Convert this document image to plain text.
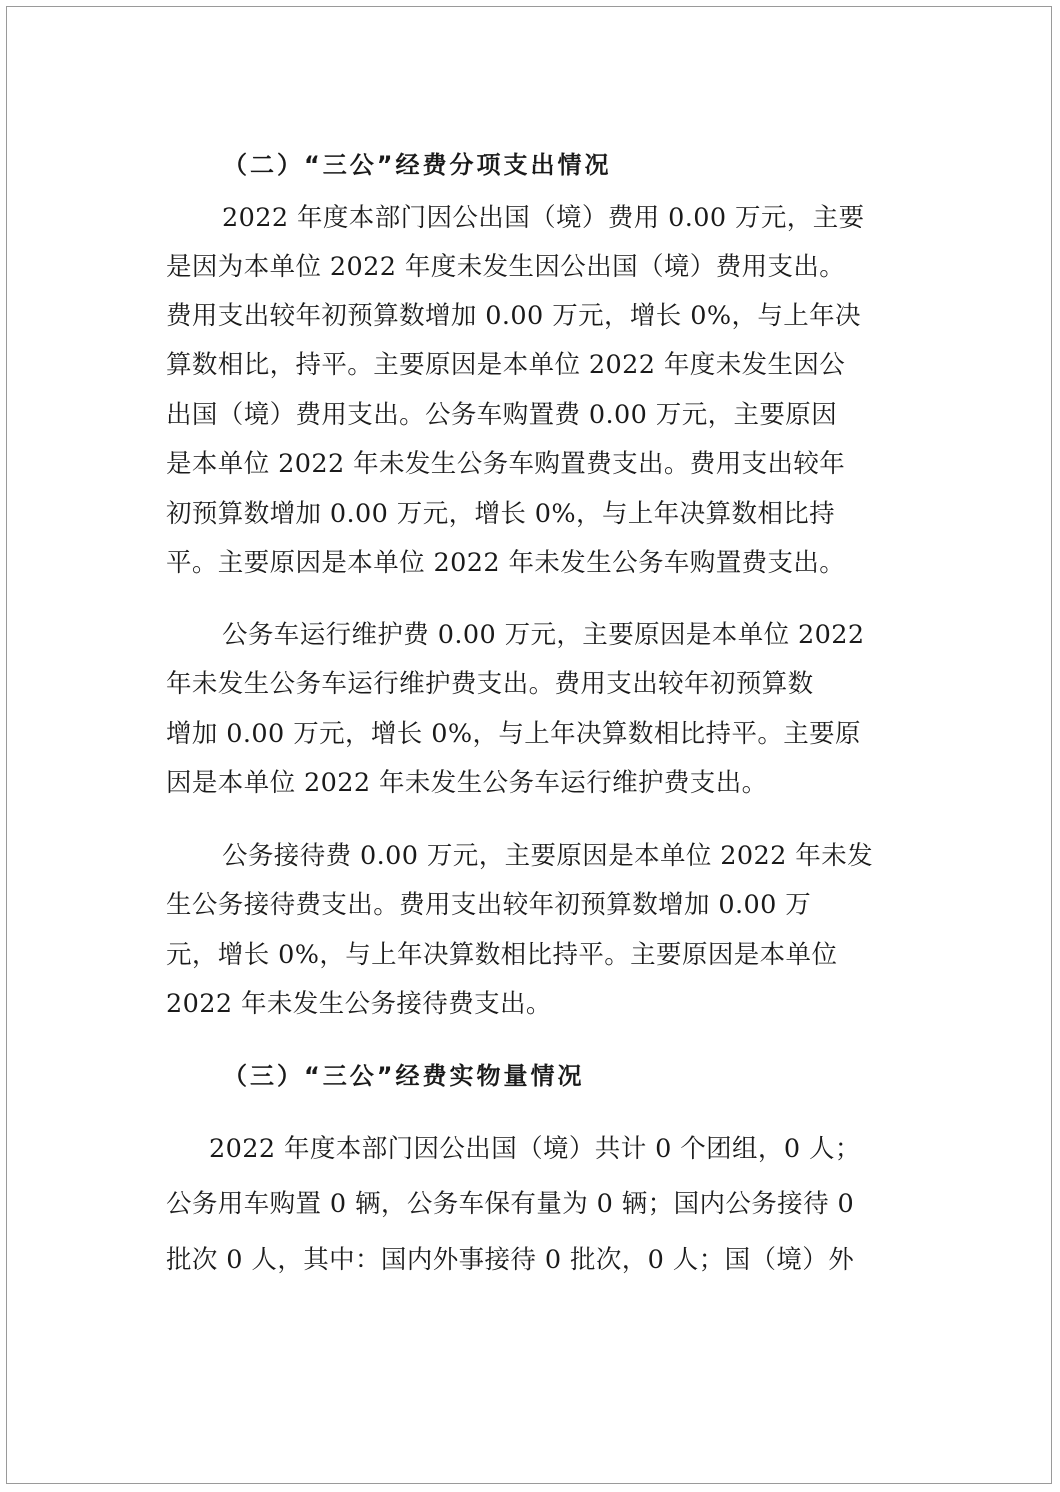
（二）“三公”经费分项支出情况
2022 年度本部门因公出国（境）费用 0.00 万元，主要
是因为本单位 2022 年度未发生因公出国（境）费用支出。
费用支出较年初预算数增加 0.00 万元，增长 0%，与上年决
算数相比，持平。主要原因是本单位 2022 年度未发生因公
出国（境）费用支出。公务车购置费 0.00 万元，主要原因
是本单位 2022 年未发生公务车购置费支出。费用支出较年
初预算数增加 0.00 万元，增长 0%，与上年决算数相比持
平。主要原因是本单位 2022 年未发生公务车购置费支出。
公务车运行维护费 0.00 万元，主要原因是本单位 2022
年未发生公务车运行维护费支出。费用支出较年初预算数
增加 0.00 万元，增长 0%，与上年决算数相比持平。主要原
因是本单位 2022 年未发生公务车运行维护费支出。
公务接待费 0.00 万元，主要原因是本单位 2022 年未发
生公务接待费支出。费用支出较年初预算数增加 0.00 万
元，增长 0%，与上年决算数相比持平。主要原因是本单位
2022 年未发生公务接待费支出。
（三）“三公”经费实物量情况
2022 年度本部门因公出国（境）共计 0 个团组，0 人；
公务用车购置 0 辆，公务车保有量为 0 辆；国内公务接待 0
批次 0 人，其中：国内外事接待 0 批次，0 人；国（境）外
